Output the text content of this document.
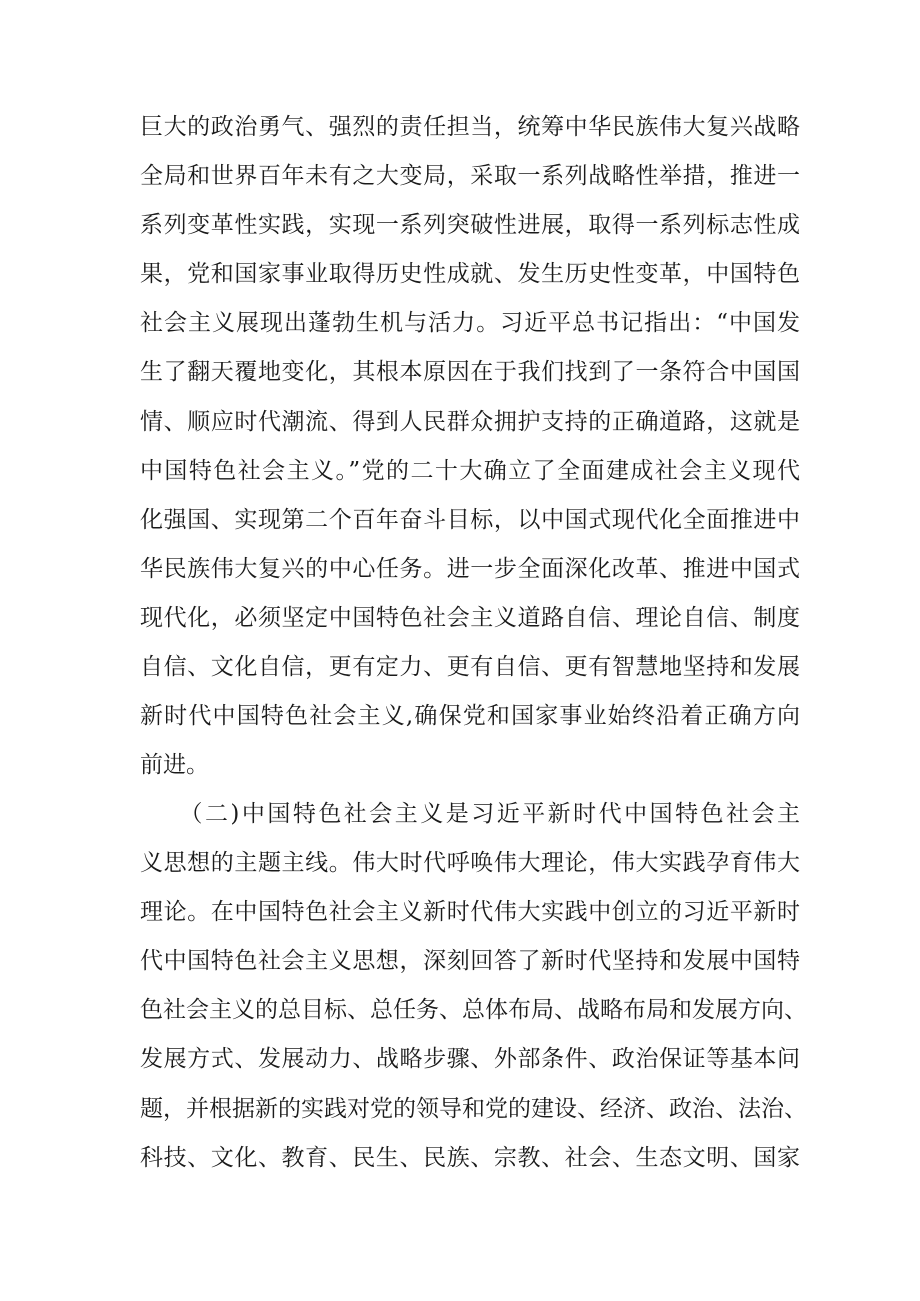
巨大的政治勇气、强烈的责任担当，统筹中华民族伟大复兴战略
全局和世界百年未有之大变局，采取一系列战略性举措，推进一
系列变革性实践，实现一系列突破性进展，取得一系列标志性成
果，党和国家事业取得历史性成就、发生历史性变革，中国特色
社会主义展现出蓬勃生机与活力。习近平总书记指出：“中国发
生了翻天覆地变化，其根本原因在于我们找到了一条符合中国国
情、顺应时代潮流、得到人民群众拥护支持的正确道路，这就是
中国特色社会主义。”党的二十大确立了全面建成社会主义现代
化强国、实现第二个百年奋斗目标，以中国式现代化全面推进中
华民族伟大复兴的中心任务。进一步全面深化改革、推进中国式
现代化，必须坚定中国特色社会主义道路自信、理论自信、制度
自信、文化自信，更有定力、更有自信、更有智慧地坚持和发展
新时代中国特色社会主义,确保党和国家事业始终沿着正确方向
前进。
　　（二)中国特色社会主义是习近平新时代中国特色社会主
义思想的主题主线。伟大时代呼唤伟大理论，伟大实践孕育伟大
理论。在中国特色社会主义新时代伟大实践中创立的习近平新时
代中国特色社会主义思想，深刻回答了新时代坚持和发展中国特
色社会主义的总目标、总任务、总体布局、战略布局和发展方向、
发展方式、发展动力、战略步骤、外部条件、政治保证等基本问
题，并根据新的实践对党的领导和党的建设、经济、政治、法治、
科技、文化、教育、民生、民族、宗教、社会、生态文明、国家
